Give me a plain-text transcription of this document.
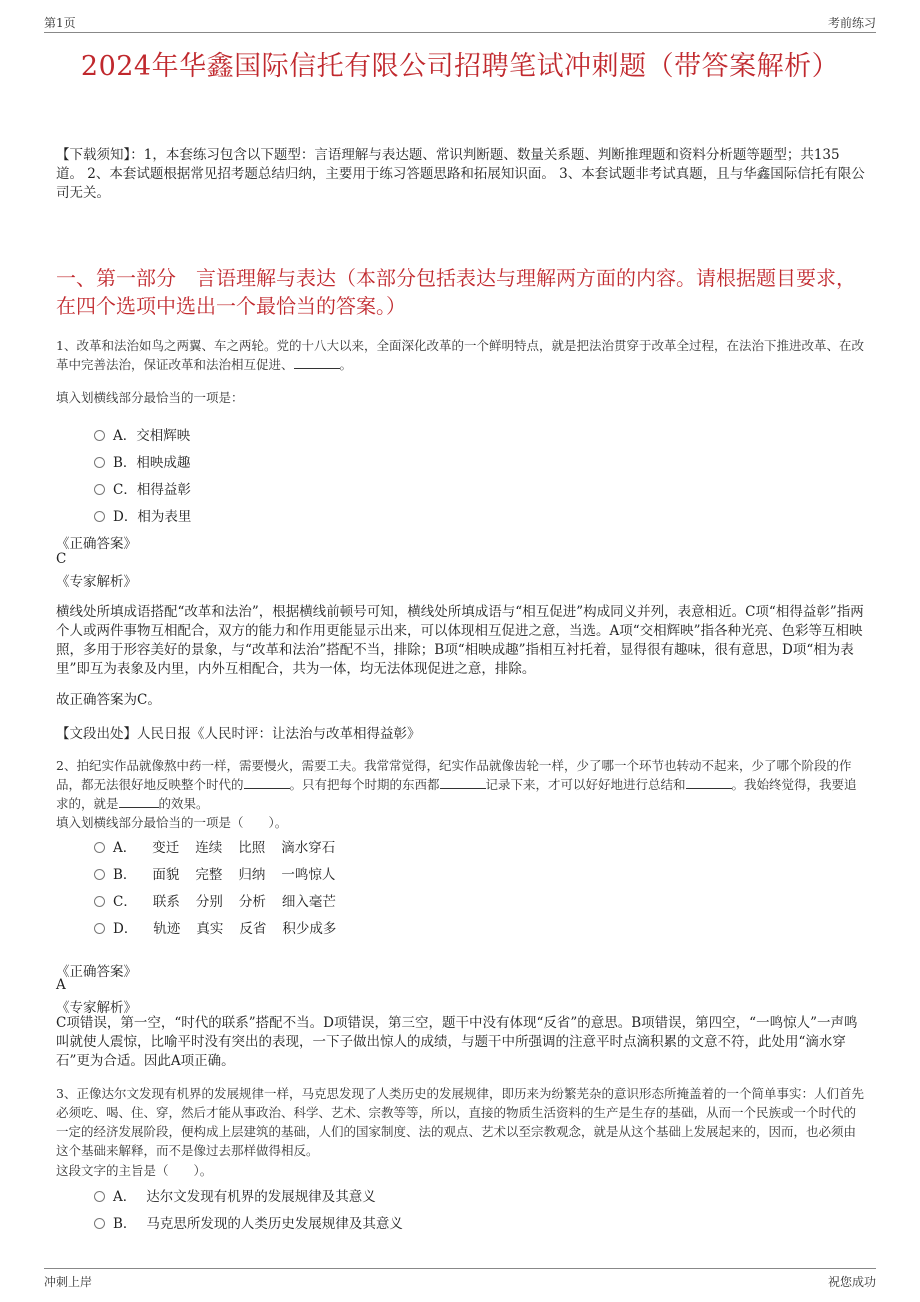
第1页	考前练习
2024年华鑫国际信托有限公司招聘笔试冲刺题（带答案解析）
【下载须知】：1，本套练习包含以下题型：言语理解与表达题、常识判断题、数量关系题、判断推理题和资料分析题等题型；共135道。 2、本套试题根据常见招考题总结归纳，主要用于练习答题思路和拓展知识面。 3、本套试题非考试真题，且与华鑫国际信托有限公司无关。
一、第一部分　言语理解与表达（本部分包括表达与理解两方面的内容。请根据题目要求，在四个选项中选出一个最恰当的答案。）
1、改革和法治如鸟之两翼、车之两轮。党的十八大以来，全面深化改革的一个鲜明特点，就是把法治贯穿于改革全过程，在法治下推进改革、在改革中完善法治，保证改革和法治相互促进、	。
填入划横线部分最恰当的一项是：
A．交相辉映
B．相映成趣
C．相得益彰
D．相为表里
《正确答案》
C
《专家解析》
横线处所填成语搭配“改革和法治”，根据横线前顿号可知，横线处所填成语与“相互促进”构成同义并列，表意相近。C项“相得益彰”指两个人或两件事物互相配合，双方的能力和作用更能显示出来，可以体现相互促进之意，当选。A项“交相辉映”指各种光亮、色彩等互相映照，多用于形容美好的景象，与“改革和法治”搭配不当，排除；B项“相映成趣”指相互衬托着，显得很有趣味，很有意思，D项“相为表里”即互为表象及内里，内外互相配合，共为一体，均无法体现促进之意，排除。
故正确答案为C。
【文段出处】人民日报《人民时评：让法治与改革相得益彰》
2、拍纪实作品就像熬中药一样，需要慢火，需要工夫。我常常觉得，纪实作品就像齿轮一样，少了哪一个环节也转动不起来，少了哪个阶段的作品，都无法很好地反映整个时代的	。只有把每个时期的东西都	记录下来，才可以好好地进行总结和	。我始终觉得，我要追求的，就是	的效果。
填入划横线部分最恰当的一项是（　　）。
A． 变迁 连续 比照 滴水穿石
B． 面貌 完整 归纳 一鸣惊人
C． 联系 分别 分析 细入毫芒
D． 轨迹 真实 反省 积少成多
《正确答案》
A
《专家解析》
C项错误，第一空，“时代的联系”搭配不当。D项错误，第三空，题干中没有体现“反省”的意思。B项错误，第四空，“一鸣惊人”一声鸣叫就使人震惊，比喻平时没有突出的表现，一下子做出惊人的成绩，与题干中所强调的注意平时点滴积累的文意不符，此处用“滴水穿石”更为合适。因此A项正确。
3、正像达尔文发现有机界的发展规律一样，马克思发现了人类历史的发展规律，即历来为纷繁芜杂的意识形态所掩盖着的一个简单事实：人们首先必须吃、喝、住、穿，然后才能从事政治、科学、艺术、宗教等等，所以，直接的物质生活资料的生产是生存的基础，从而一个民族或一个时代的一定的经济发展阶段，便构成上层建筑的基础，人们的国家制度、法的观点、艺术以至宗教观念，就是从这个基础上发展起来的，因而，也必须由这个基础来解释，而不是像过去那样做得相反。
这段文字的主旨是（　　）。
A． 达尔文发现有机界的发展规律及其意义
B． 马克思所发现的人类历史发展规律及其意义
冲刺上岸	祝您成功
